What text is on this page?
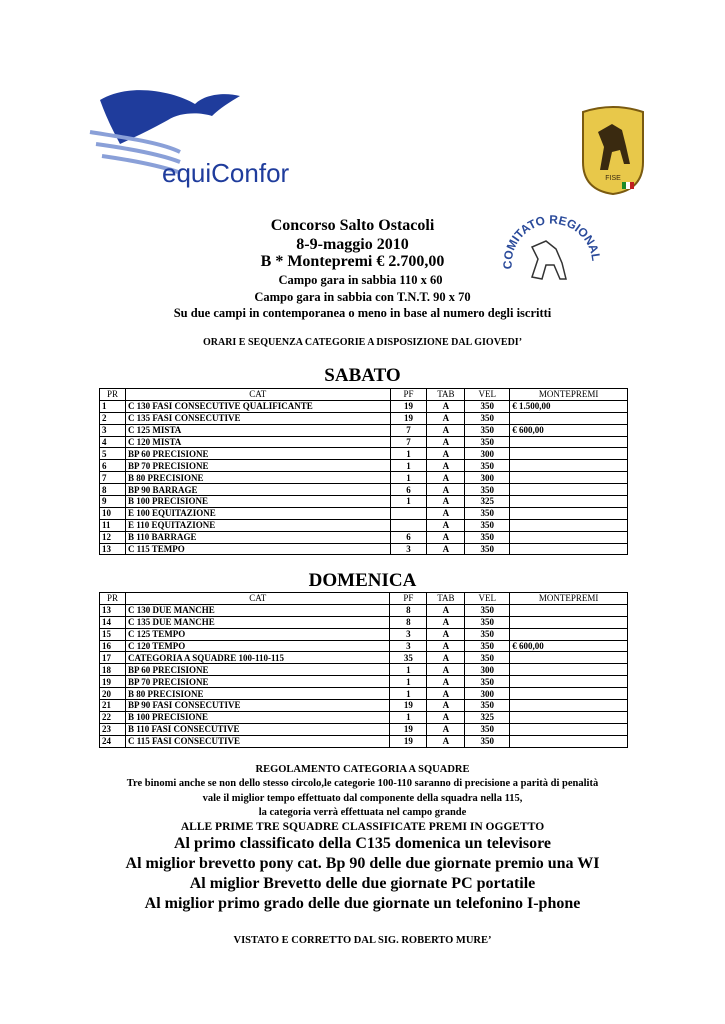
equiConfor	FISE
COMITATO REGIONAL
Concorso Salto Ostacoli
8-9-maggio 2010
B * Montepremi € 2.700,00
Campo gara in sabbia 110 x 60
Campo gara in sabbia con T.N.T. 90 x 70
Su due campi in contemporanea o meno in base al numero degli iscritti
ORARI E SEQUENZA CATEGORIE A DISPOSIZIONE DAL GIOVEDI’
SABATO
PR	CAT	PF	TAB	VEL	MONTEPREMI
1	C 130 FASI CONSECUTIVE QUALIFICANTE	19	A	350	€ 1.500,00
2	C 135 FASI CONSECUTIVE	19	A	350	
3	C 125 MISTA	7	A	350	€ 600,00
4	C 120 MISTA	7	A	350	
5	BP 60 PRECISIONE	1	A	300	
6	BP 70 PRECISIONE	1	A	350	
7	B 80 PRECISIONE	1	A	300	
8	BP 90 BARRAGE	6	A	350	
9	B 100 PRECISIONE	1	A	325	
10	E 100 EQUITAZIONE		A	350	
11	E 110 EQUITAZIONE		A	350	
12	B 110 BARRAGE	6	A	350	
13	C 115 TEMPO	3	A	350	
DOMENICA
PR	CAT	PF	TAB	VEL	MONTEPREMI
13	C 130 DUE MANCHE	8	A	350	
14	C 135 DUE MANCHE	8	A	350	
15	C 125 TEMPO	3	A	350	
16	C 120 TEMPO	3	A	350	€ 600,00
17	CATEGORIA A SQUADRE 100-110-115	35	A	350	
18	BP 60 PRECISIONE	1	A	300	
19	BP 70 PRECISIONE	1	A	350	
20	B 80 PRECISIONE	1	A	300	
21	BP 90 FASI CONSECUTIVE	19	A	350	
22	B 100 PRECISIONE	1	A	325	
23	B 110 FASI CONSECUTIVE	19	A	350	
24	C 115 FASI CONSECUTIVE	19	A	350	
REGOLAMENTO CATEGORIA A SQUADRE
Tre binomi anche se non dello stesso circolo,le categorie 100-110 saranno di precisione a parità di penalità
vale il miglior tempo effettuato dal componente della squadra nella 115,
la categoria verrà effettuata nel campo grande
ALLE PRIME TRE SQUADRE CLASSIFICATE PREMI IN OGGETTO
Al primo classificato della C135 domenica un televisore
Al miglior brevetto pony cat. Bp 90 delle due giornate premio una WI
Al miglior Brevetto delle due giornate PC portatile
Al miglior primo grado delle due giornate un telefonino I-phone
VISTATO E CORRETTO DAL SIG. ROBERTO MURE’
